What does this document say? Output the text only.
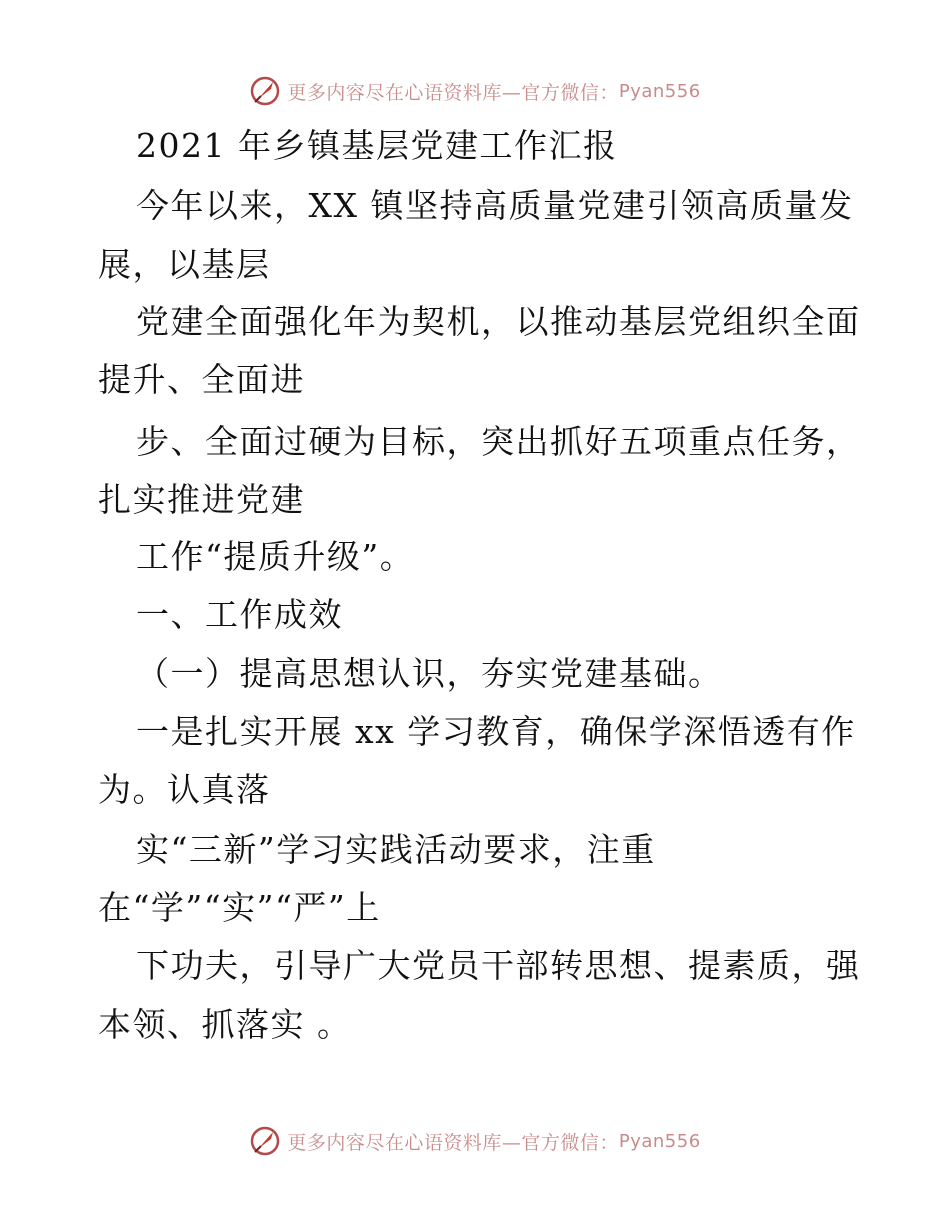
更多内容尽在心语资料库—官方微信： Pyan556
2021 年乡镇基层党建工作汇报
今年以来，XX 镇坚持高质量党建引领高质量发
展，以基层
党建全面强化年为契机，以推动基层党组织全面
提升、全面进
步、全面过硬为目标，突出抓好五项重点任务，
扎实推进党建
工作“提质升级”。
一、工作成效
（一）提高思想认识，夯实党建基础。
一是扎实开展 xx 学习教育，确保学深悟透有作
为。认真落
实“三新”学习实践活动要求，注重
在“学”“实”“严”上
下功夫，引导广大党员干部转思想、提素质，强
本领、抓落实 。
更多内容尽在心语资料库—官方微信： Pyan556
